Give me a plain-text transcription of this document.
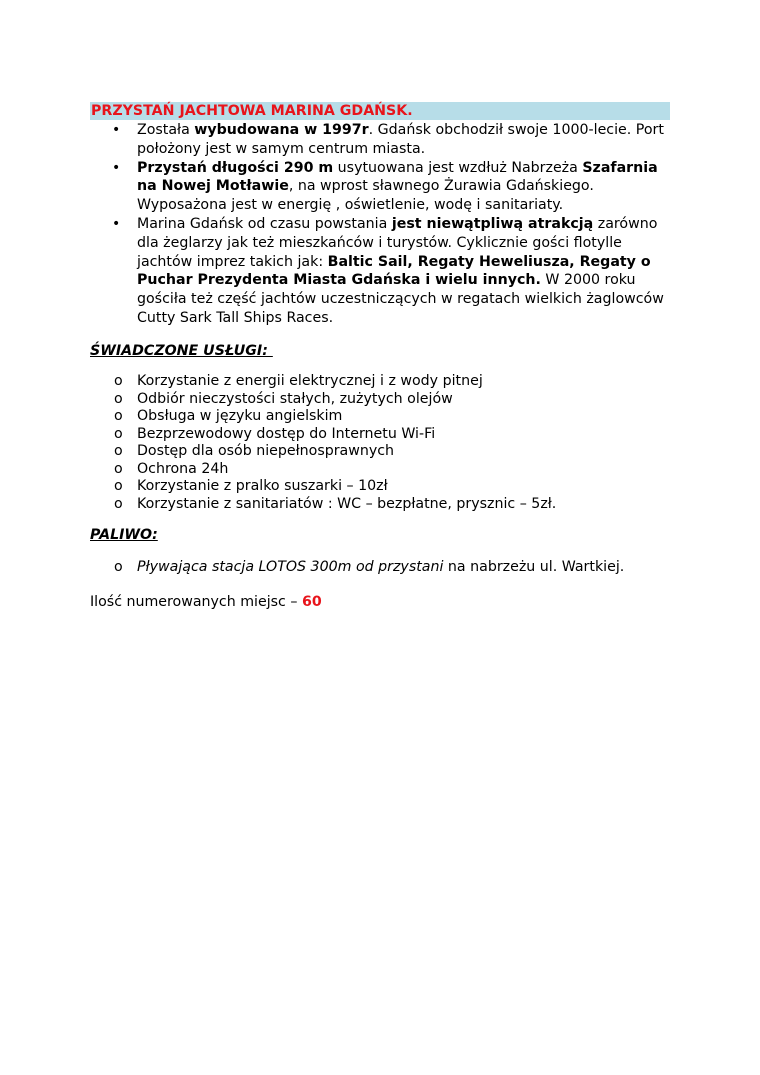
PRZYSTAŃ JACHTOWA MARINA GDAŃSK.
• Została wybudowana w 1997r. Gdańsk obchodził swoje 1000-lecie. Port położony jest w samym centrum miasta.
• Przystań długości 290 m usytuowana jest wzdłuż Nabrzeża Szafarnia na Nowej Motławie, na wprost sławnego Żurawia Gdańskiego. Wyposażona jest w energię , oświetlenie, wodę i sanitariaty.
• Marina Gdańsk od czasu powstania jest niewątpliwą atrakcją zarówno dla żeglarzy jak też mieszkańców i turystów. Cyklicznie gości flotylle jachtów imprez takich jak: Baltic Sail, Regaty Heweliusza, Regaty o Puchar Prezydenta Miasta Gdańska i wielu innych. W 2000 roku gościła też część jachtów uczestniczących w regatach wielkich żaglowców Cutty Sark Tall Ships Races.
ŚWIADCZONE USŁUGI:
o Korzystanie z energii elektrycznej i z wody pitnej
o Odbiór nieczystości stałych, zużytych olejów
o Obsługa w języku angielskim
o Bezprzewodowy dostęp do Internetu Wi-Fi
o Dostęp dla osób niepełnosprawnych
o Ochrona 24h
o Korzystanie z pralko suszarki – 10zł
o Korzystanie z sanitariatów : WC – bezpłatne, prysznic – 5zł.
PALIWO:
o Pływająca stacja LOTOS 300m od przystani na nabrzeżu ul. Wartkiej.
Ilość numerowanych miejsc – 60
